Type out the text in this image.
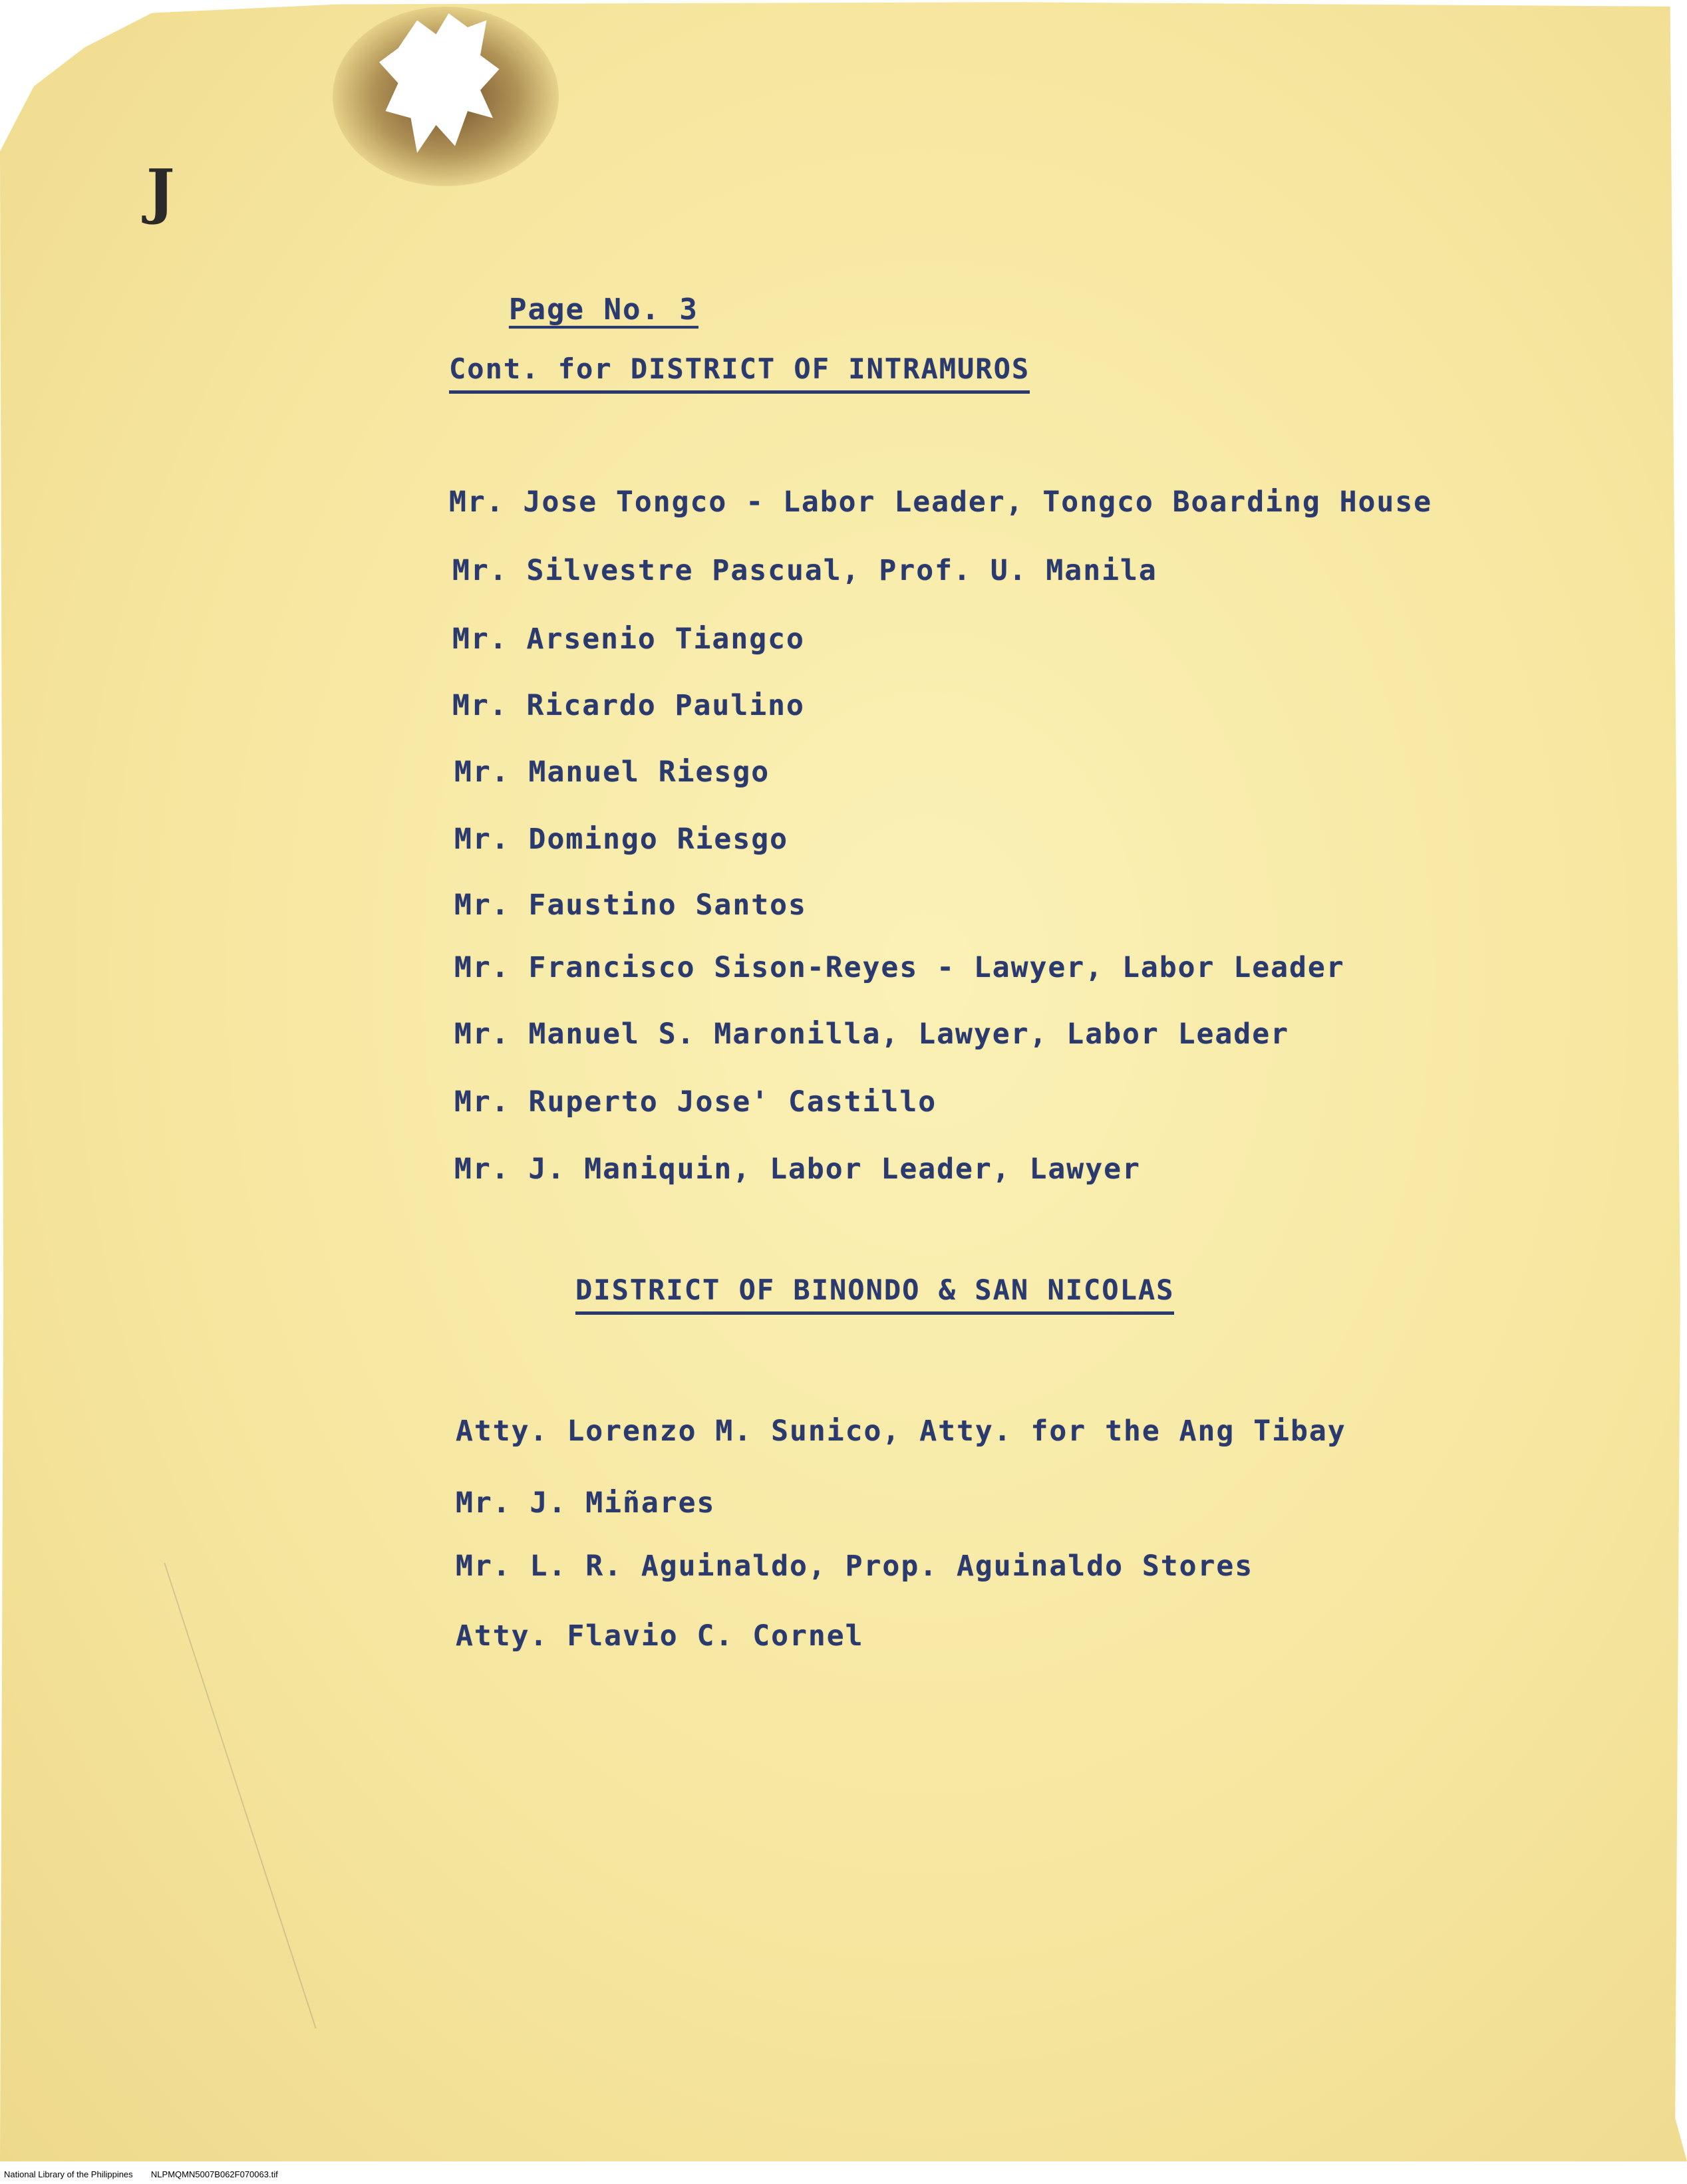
J
Page No. 3
Cont. for DISTRICT OF INTRAMUROS
Mr. Jose Tongco - Labor Leader, Tongco Boarding House
Mr. Silvestre Pascual, Prof. U. Manila
Mr. Arsenio Tiangco
Mr. Ricardo Paulino
Mr. Manuel Riesgo
Mr. Domingo Riesgo
Mr. Faustino Santos
Mr. Francisco Sison-Reyes - Lawyer, Labor Leader
Mr. Manuel S. Maronilla, Lawyer, Labor Leader
Mr. Ruperto Jose' Castillo
Mr. J. Maniquin, Labor Leader, Lawyer
DISTRICT OF BINONDO & SAN NICOLAS
Atty. Lorenzo M. Sunico, Atty. for the Ang Tibay
Mr. J. Miñares
Mr. L. R. Aguinaldo, Prop. Aguinaldo Stores
Atty. Flavio C. Cornel
National Library of the Philippines NLPMQMN5007B062F070063.tif
